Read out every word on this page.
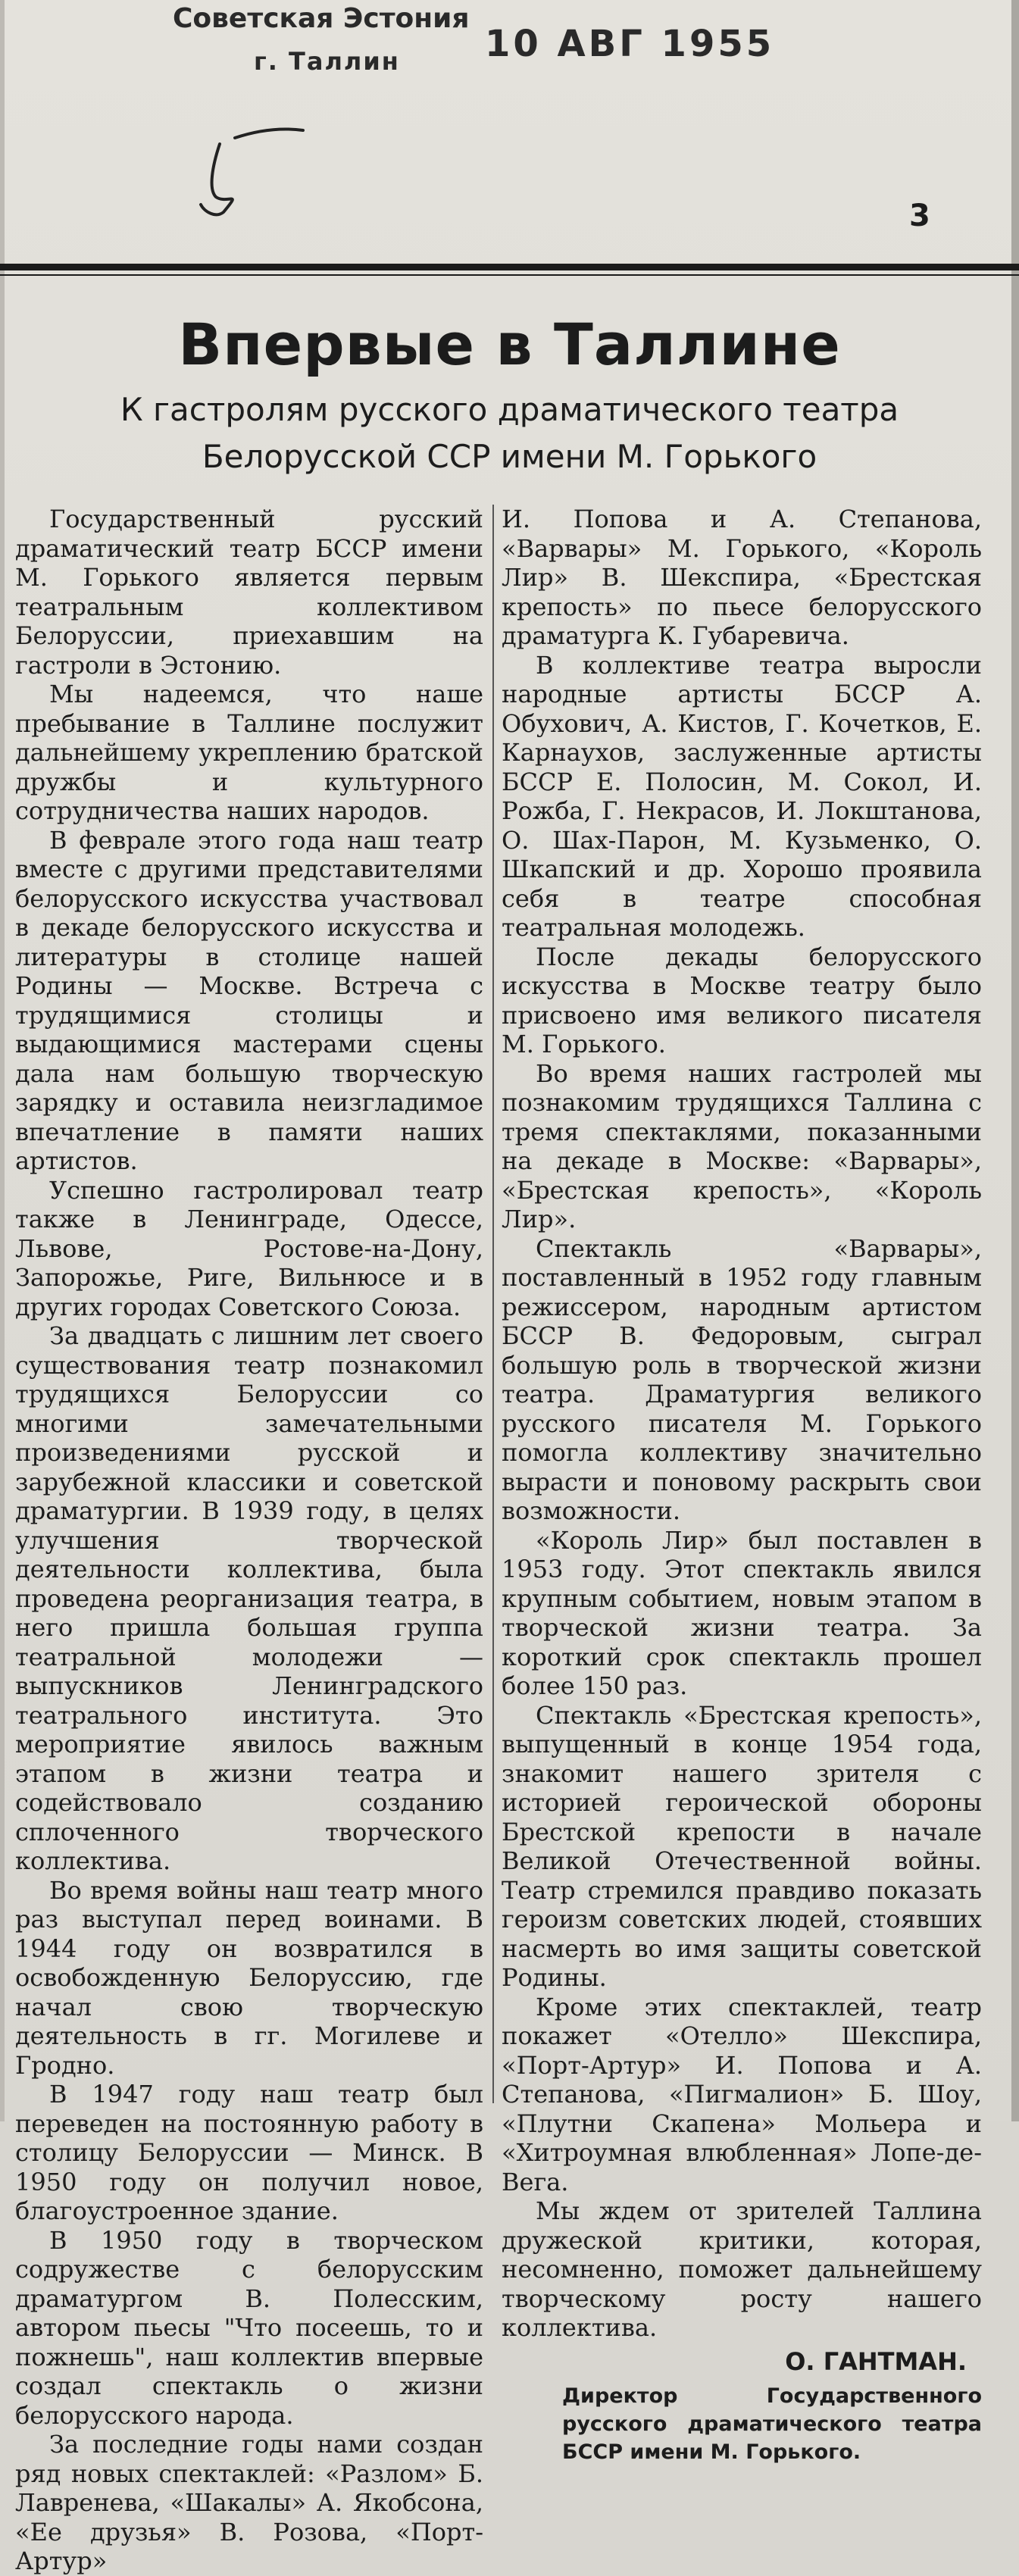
Советская Эстония
г. Таллин 10 АВГ 1955
3
Впервые в Таллине
К гастролям русского драматического театра Белорусской ССР имени М. Горького

Государственный русский драматический театр БССР имени М. Горького является первым театральным коллективом Белоруссии, приехавшим на гастроли в Эстонию.

Мы надеемся, что наше пребывание в Таллине послужит дальнейшему укреплению братской дружбы и культурного сотрудничества наших народов.

В феврале этого года наш театр вместе с другими представителями белорусского искусства участвовал в декаде белорусского искусства и литературы в столице нашей Родины — Москве. Встреча с трудящимися столицы и выдающимися мастерами сцены дала нам большую творческую зарядку и оставила неизгладимое впечатление в памяти наших артистов.

Успешно гастролировал театр также в Ленинграде, Одессе, Львове, Ростове-на-Дону, Запорожье, Риге, Вильнюсе и в других городах Советского Союза.

За двадцать с лишним лет своего существования театр познакомил трудящихся Белоруссии со многими замечательными произведениями русской и зарубежной классики и советской драматургии. В 1939 году, в целях улучшения творческой деятельности коллектива, была проведена реорганизация театра, в него пришла большая группа театральной молодежи — выпускников Ленинградского театрального института. Это мероприятие явилось важным этапом в жизни театра и содействовало созданию сплоченного творческого коллектива.

Во время войны наш театр много раз выступал перед воинами. В 1944 году он возвратился в освобожденную Белоруссию, где начал свою творческую деятельность в гг. Могилеве и Гродно.

В 1947 году наш театр был переведен на постоянную работу в столицу Белоруссии — Минск. В 1950 году он получил новое, благоустроенное здание.

В 1950 году в творческом содружестве с белорусским драматургом В. Полесским, автором пьесы "Что посеешь, то и пожнешь", наш коллектив впервые создал спектакль о жизни белорусского народа.

За последние годы нами создан ряд новых спектаклей: «Разлом» Б. Лавренева, «Шакалы» А. Якобсона, «Ее друзья» В. Розова, «Порт-Артур»

И. Попова и А. Степанова, «Варвары» М. Горького, «Король Лир» В. Шекспира, «Брестская крепость» по пьесе белорусского драматурга К. Губаревича.

В коллективе театра выросли народные артисты БССР А. Обухович, А. Кистов, Г. Кочетков, Е. Карнаухов, заслуженные артисты БССР Е. Полосин, М. Сокол, И. Рожба, Г. Некрасов, И. Локштанова, О. Шах-Парон, М. Кузьменко, О. Шкапский и др. Хорошо проявила себя в театре способная театральная молодежь.

После декады белорусского искусства в Москве театру было присвоено имя великого писателя М. Горького.

Во время наших гастролей мы познакомим трудящихся Таллина с тремя спектаклями, показанными на декаде в Москве: «Варвары», «Брестская крепость», «Король Лир».

Спектакль «Варвары», поставленный в 1952 году главным режиссером, народным артистом БССР В. Федоровым, сыграл большую роль в творческой жизни театра. Драматургия великого русского писателя М. Горького помогла коллективу значительно вырасти и поновому раскрыть свои возможности.

«Король Лир» был поставлен в 1953 году. Этот спектакль явился крупным событием, новым этапом в творческой жизни театра. За короткий срок спектакль прошел более 150 раз.

Спектакль «Брестская крепость», выпущенный в конце 1954 года, знакомит нашего зрителя с историей героической обороны Брестской крепости в начале Великой Отечественной войны. Театр стремился правдиво показать героизм советских людей, стоявших насмерть во имя защиты советской Родины.

Кроме этих спектаклей, театр покажет «Отелло» Шекспира, «Порт-Артур» И. Попова и А. Степанова, «Пигмалион» Б. Шоу, «Плутни Скапена» Мольера и «Хитроумная влюбленная» Лопе-де-Вега.

Мы ждем от зрителей Таллина дружеской критики, которая, несомненно, поможет дальнейшему творческому росту нашего коллектива.

О. ГАНТМАН.
Директор Государственного русского драматического театра БССР имени М. Горького.
